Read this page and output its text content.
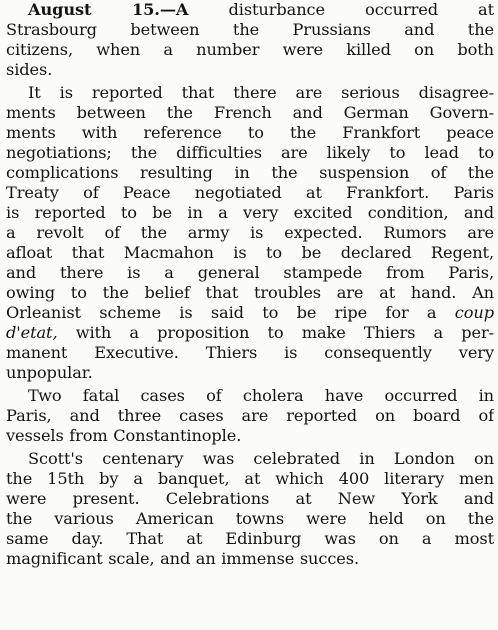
August 15.—A disturbance occurred at
Strasbourg between the Prussians and the
citizens, when a number were killed on both
sides.
It is reported that there are serious disagree-
ments between the French and German Govern-
ments with reference to the Frankfort peace
negotiations; the difficulties are likely to lead to
complications resulting in the suspension of the
Treaty of Peace negotiated at Frankfort. Paris
is reported to be in a very excited condition, and
a revolt of the army is expected. Rumors are
afloat that Macmahon is to be declared Regent,
and there is a general stampede from Paris,
owing to the belief that troubles are at hand. An
Orleanist scheme is said to be ripe for a coup
d'etat, with a proposition to make Thiers a per-
manent Executive. Thiers is consequently very
unpopular.
Two fatal cases of cholera have occurred in
Paris, and three cases are reported on board of
vessels from Constantinople.
Scott's centenary was celebrated in London on
the 15th by a banquet, at which 400 literary men
were present. Celebrations at New York and
the various American towns were held on the
same day. That at Edinburg was on a most
magnificant scale, and an immense succes.
